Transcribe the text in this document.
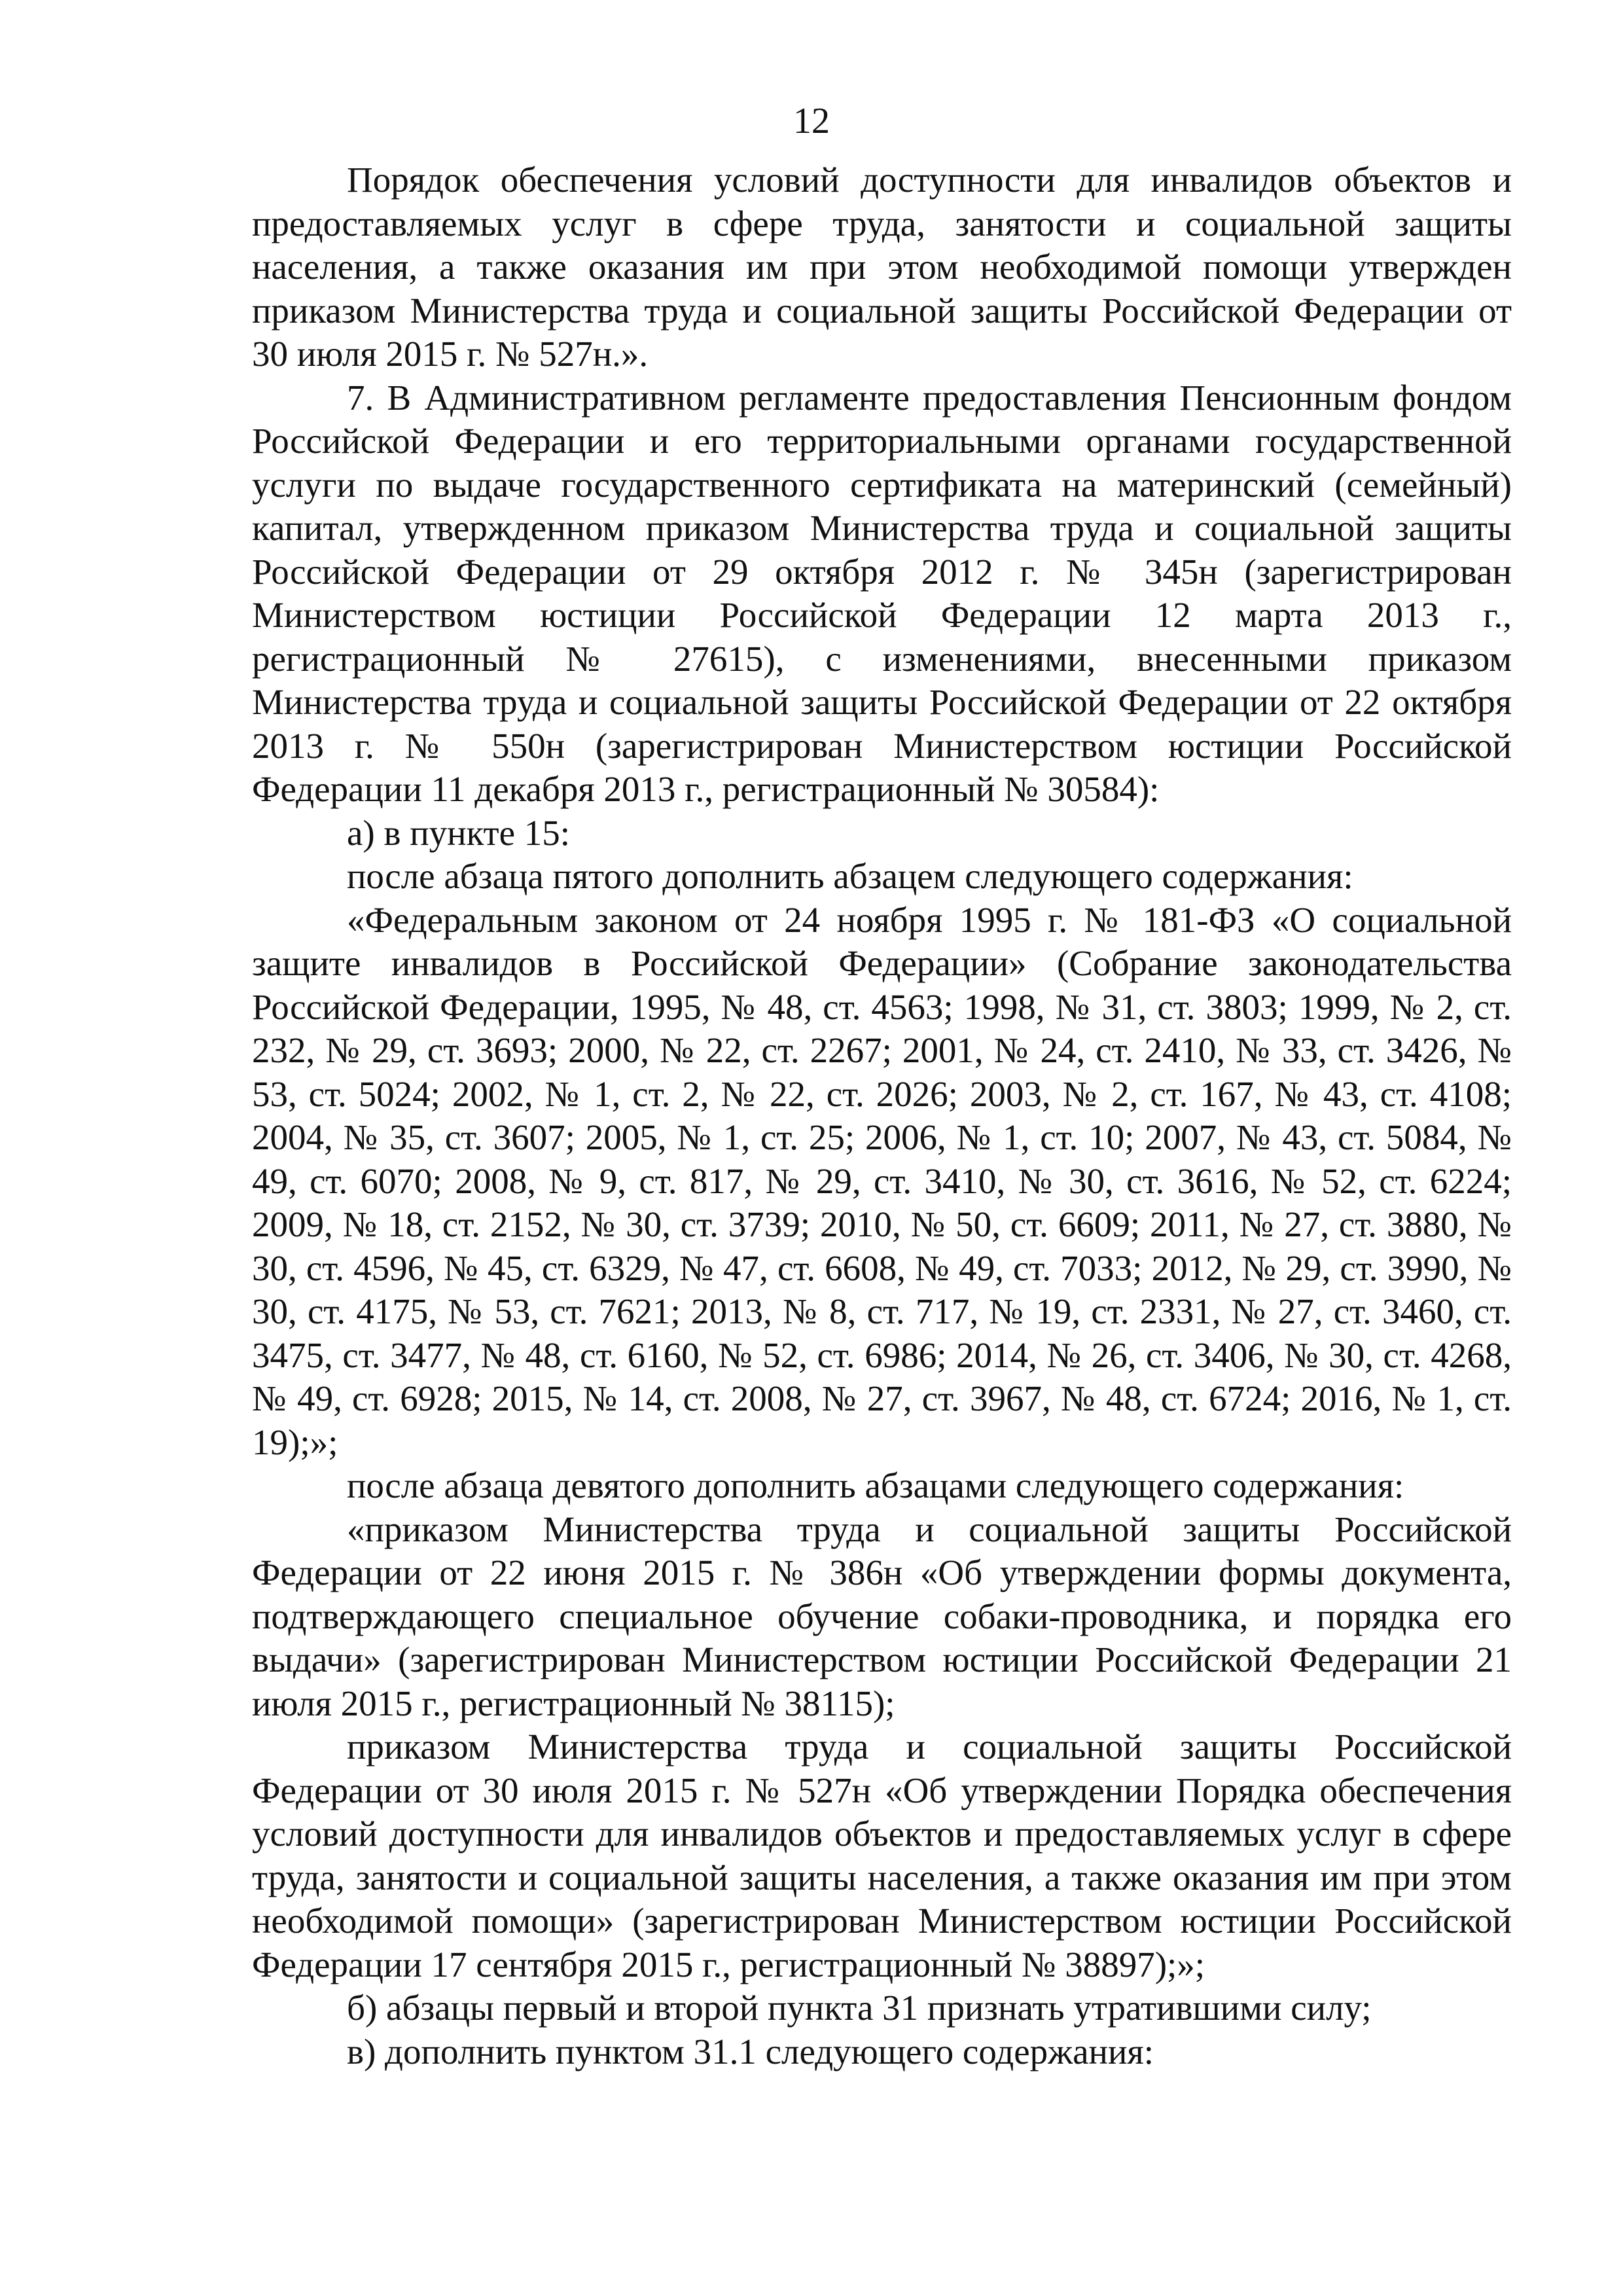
12

Порядок обеспечения условий доступности для инвалидов объектов и предоставляемых услуг в сфере труда, занятости и социальной защиты населения, а также оказания им при этом необходимой помощи утвержден приказом Министерства труда и социальной защиты Российской Федерации от 30 июля 2015 г. № 527н.».

7. В Административном регламенте предоставления Пенсионным фондом Российской Федерации и его территориальными органами государственной услуги по выдаче государственного сертификата на материнский (семейный) капитал, утвержденном приказом Министерства труда и социальной защиты Российской Федерации от 29 октября 2012 г. № 345н (зарегистрирован Министерством юстиции Российской Федерации 12 марта 2013 г., регистрационный № 27615), с изменениями, внесенными приказом Министерства труда и социальной защиты Российской Федерации от 22 октября 2013 г. № 550н (зарегистрирован Министерством юстиции Российской Федерации 11 декабря 2013 г., регистрационный № 30584):

а) в пункте 15:

после абзаца пятого дополнить абзацем следующего содержания:

«Федеральным законом от 24 ноября 1995 г. № 181-ФЗ «О социальной защите инвалидов в Российской Федерации» (Собрание законодательства Российской Федерации, 1995, № 48, ст. 4563; 1998, № 31, ст. 3803; 1999, № 2, ст. 232, № 29, ст. 3693; 2000, № 22, ст. 2267; 2001, № 24, ст. 2410, № 33, ст. 3426, № 53, ст. 5024; 2002, № 1, ст. 2, № 22, ст. 2026; 2003, № 2, ст. 167, № 43, ст. 4108; 2004, № 35, ст. 3607; 2005, № 1, ст. 25; 2006, № 1, ст. 10; 2007, № 43, ст. 5084, № 49, ст. 6070; 2008, № 9, ст. 817, № 29, ст. 3410, № 30, ст. 3616, № 52, ст. 6224; 2009, № 18, ст. 2152, № 30, ст. 3739; 2010, № 50, ст. 6609; 2011, № 27, ст. 3880, № 30, ст. 4596, № 45, ст. 6329, № 47, ст. 6608, № 49, ст. 7033; 2012, № 29, ст. 3990, № 30, ст. 4175, № 53, ст. 7621; 2013, № 8, ст. 717, № 19, ст. 2331, № 27, ст. 3460, ст. 3475, ст. 3477, № 48, ст. 6160, № 52, ст. 6986; 2014, № 26, ст. 3406, № 30, ст. 4268, № 49, ст. 6928; 2015, № 14, ст. 2008, № 27, ст. 3967, № 48, ст. 6724; 2016, № 1, ст. 19);»;

после абзаца девятого дополнить абзацами следующего содержания:

«приказом Министерства труда и социальной защиты Российской Федерации от 22 июня 2015 г. № 386н «Об утверждении формы документа, подтверждающего специальное обучение собаки-проводника, и порядка его выдачи» (зарегистрирован Министерством юстиции Российской Федерации 21 июля 2015 г., регистрационный № 38115);

приказом Министерства труда и социальной защиты Российской Федерации от 30 июля 2015 г. № 527н «Об утверждении Порядка обеспечения условий доступности для инвалидов объектов и предоставляемых услуг в сфере труда, занятости и социальной защиты населения, а также оказания им при этом необходимой помощи» (зарегистрирован Министерством юстиции Российской Федерации 17 сентября 2015 г., регистрационный № 38897);»;

б) абзацы первый и второй пункта 31 признать утратившими силу;

в) дополнить пунктом 31.1 следующего содержания:
